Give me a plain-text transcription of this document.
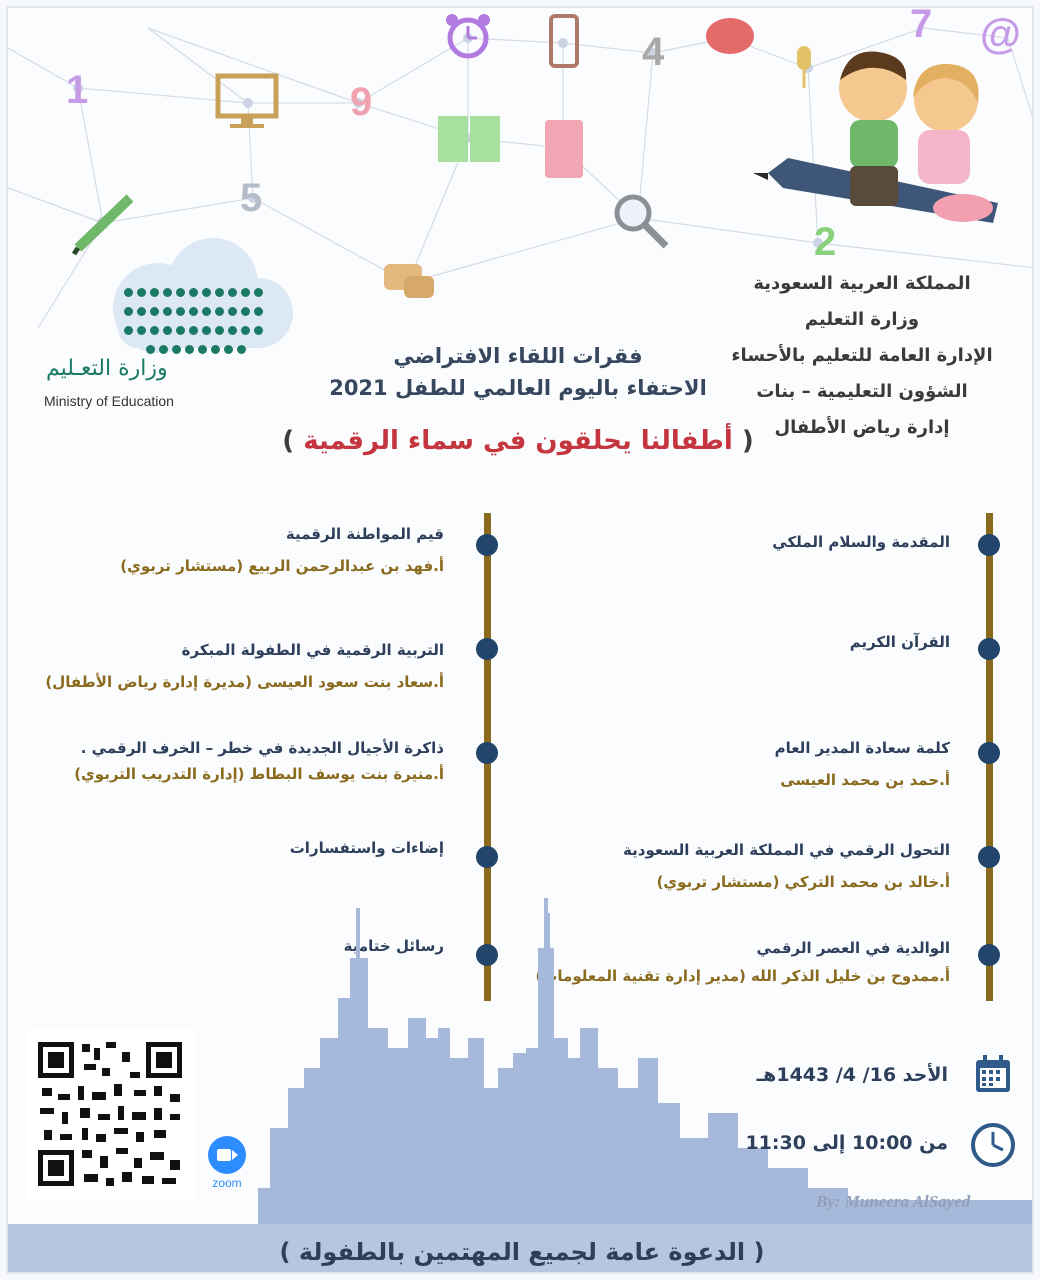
1	9
5
4
7
2
@

وزارة التعـليم
Ministry of Education
المملكة العربية السعودية
وزارة التعليم
الإدارة العامة للتعليم بالأحساء
الشؤون التعليمية – بنات
إدارة رياض الأطفال
فقرات اللقاء الافتراضي
الاحتفاء باليوم العالمي للطفل 2021
( أطفالنا يحلقون في سماء الرقمية )
المقدمة والسلام الملكي
القرآن الكريم
كلمة سعادة المدير العام
أ.حمد بن محمد العيسى
التحول الرقمي في المملكة العربية السعودية
أ.خالد بن محمد التركي (مستشار تربوي)
الوالدية في العصر الرقمي
أ.ممدوح بن خليل الذكر الله (مدير إدارة تقنية المعلومات)
قيم المواطنة الرقمية
أ.فهد بن عبدالرحمن الربيع (مستشار تربوي)
التربية الرقمية في الطفولة المبكرة
أ.سعاد بنت سعود العيسى (مديرة إدارة رياض الأطفال)
ذاكرة الأجيال الجديدة في خطر – الخرف الرقمي .
أ.منيرة بنت يوسف البطاط (إدارة التدريب التربوي)
إضاءات واستفسارات
رسائل ختامية
zoom
الأحد 16/ 4/ 1443هـ
من 10:00 إلى 11:30
By: Muneera AlSayed
( الدعوة عامة لجميع المهتمين بالطفولة )
